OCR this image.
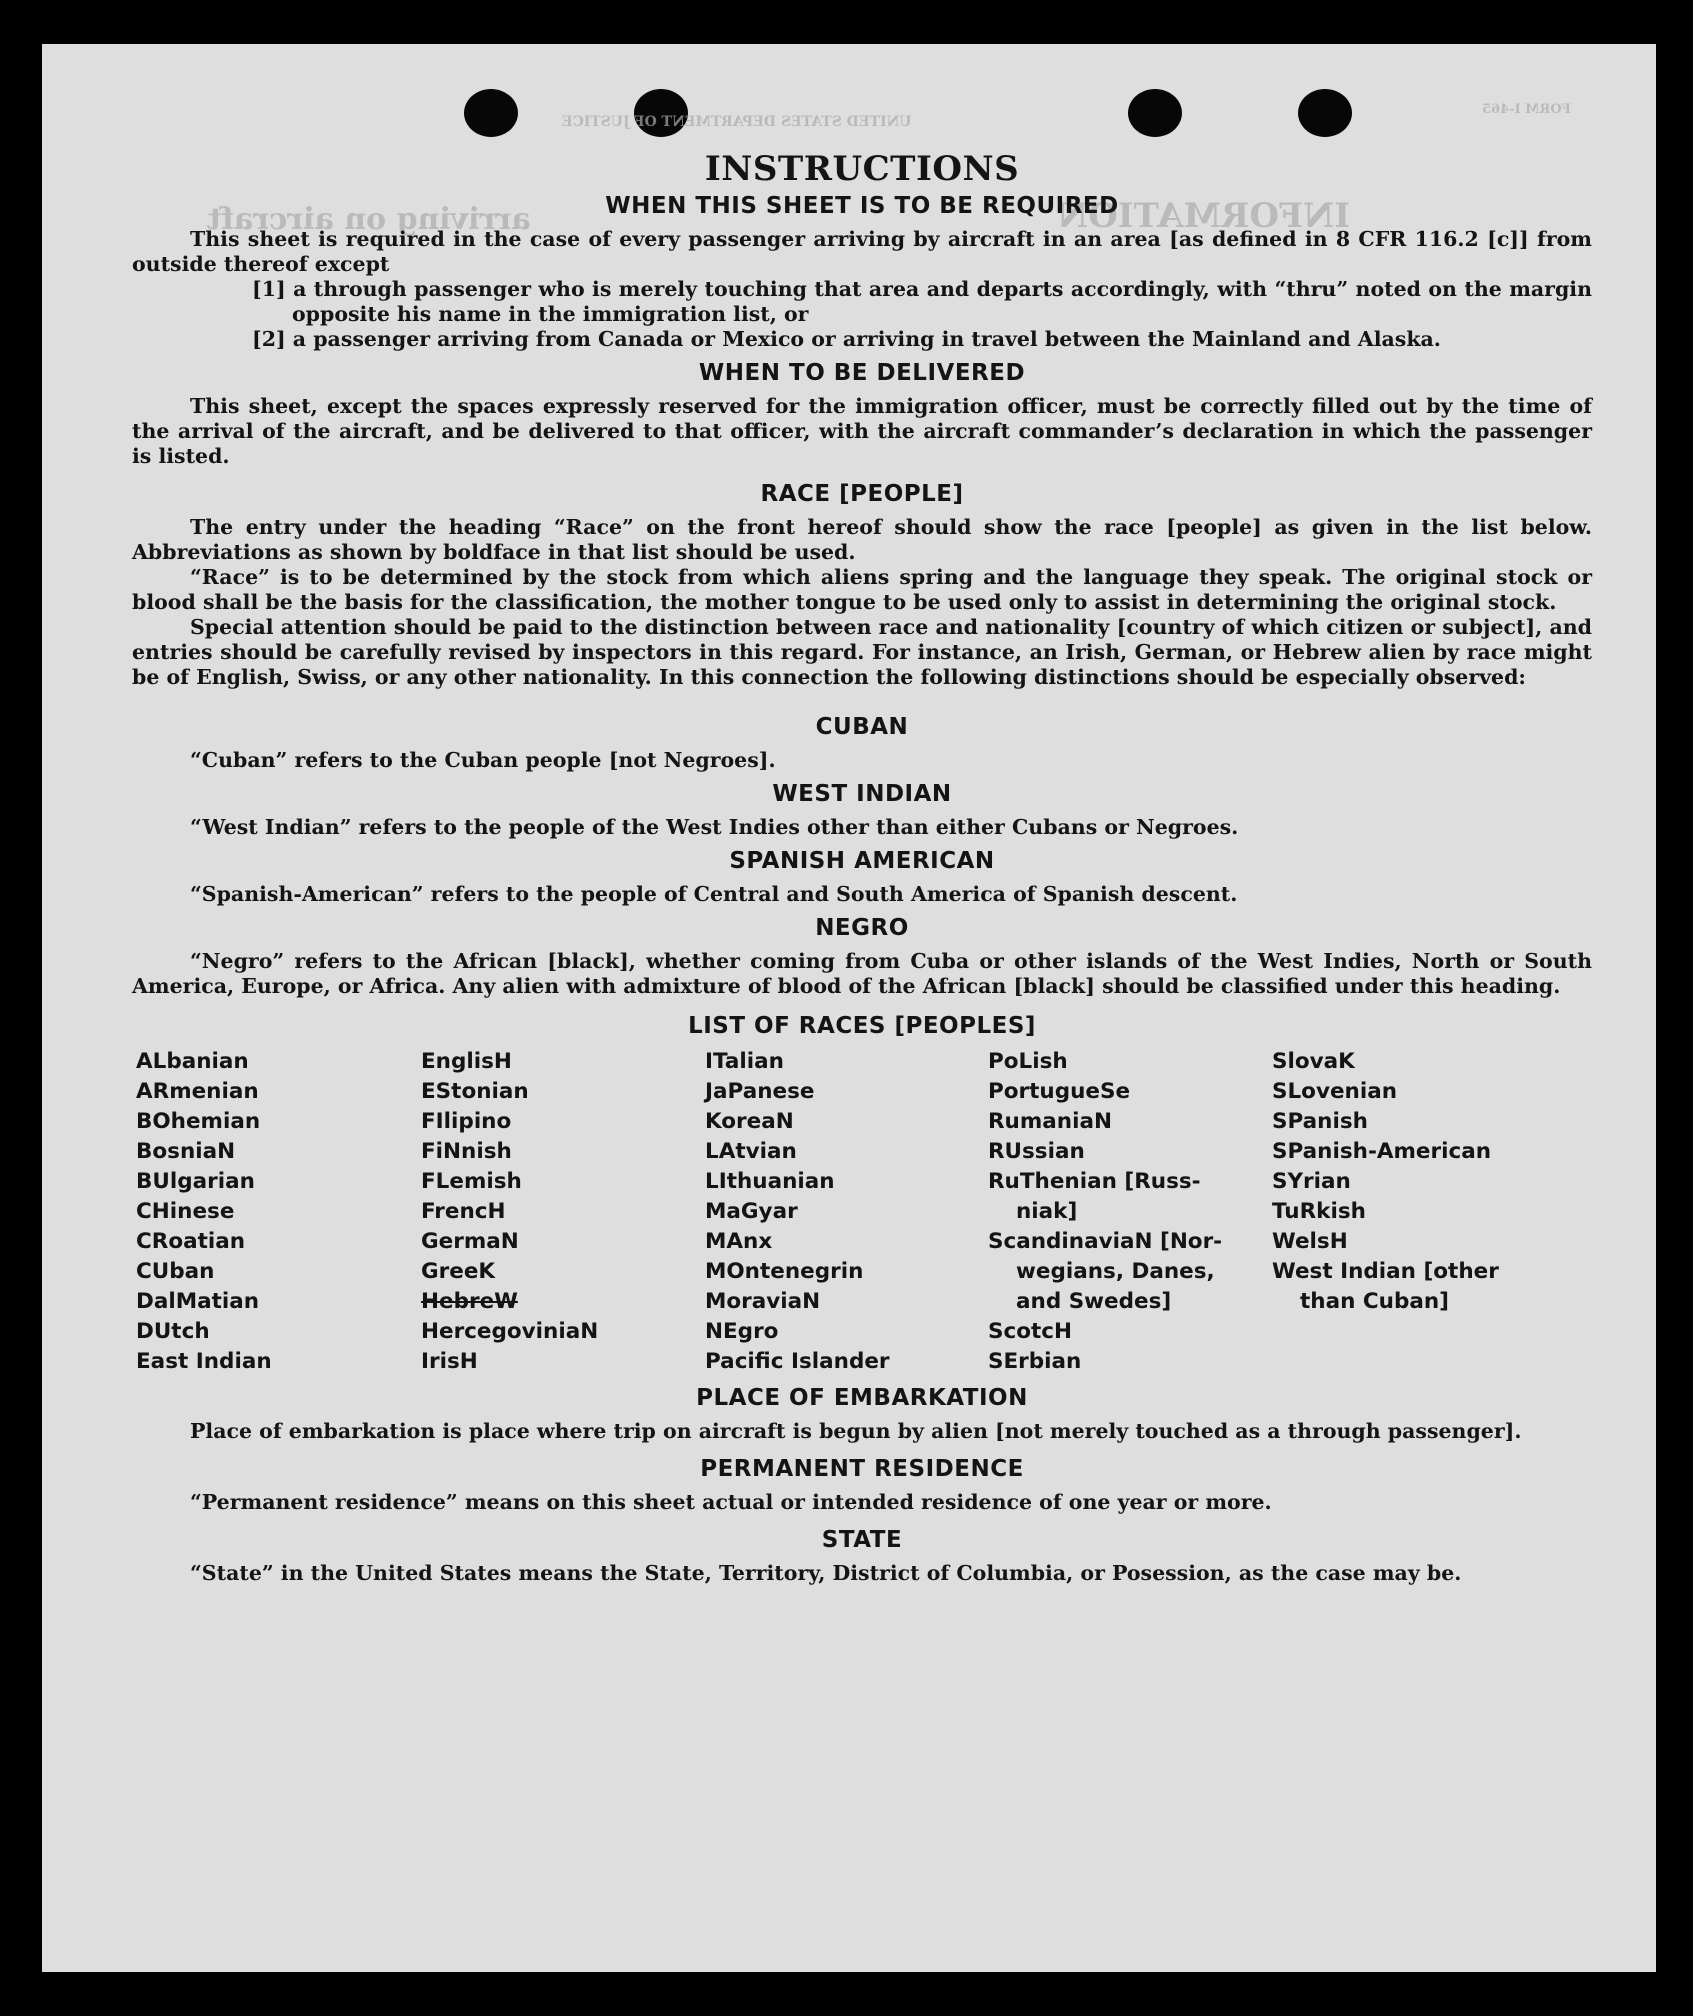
UNITED STATES DEPARTMENT OF JUSTICE
FORM I-465
INFORMATION
arriving on aircraft
INSTRUCTIONS
WHEN THIS SHEET IS TO BE REQUIRED

This sheet is required in the case of every passenger arriving by aircraft in an area [as defined in 8 CFR 116.2 [c]] from outside thereof except

[1] a through passenger who is merely touching that area and departs accordingly, with “thru” noted on the margin opposite his name in the immigration list, or

[2] a passenger arriving from Canada or Mexico or arriving in travel between the Mainland and Alaska.

WHEN TO BE DELIVERED

This sheet, except the spaces expressly reserved for the immigration officer, must be correctly filled out by the time of the arrival of the aircraft, and be delivered to that officer, with the aircraft commander’s declaration in which the passenger is listed.

RACE [PEOPLE]

The entry under the heading “Race” on the front hereof should show the race [people] as given in the list below. Abbreviations as shown by boldface in that list should be used.

“Race” is to be determined by the stock from which aliens spring and the language they speak. The original stock or blood shall be the basis for the classification, the mother tongue to be used only to assist in determining the original stock.

Special attention should be paid to the distinction between race and nationality [country of which citizen or subject], and entries should be carefully revised by inspectors in this regard. For instance, an Irish, German, or Hebrew alien by race might be of English, Swiss, or any other nationality. In this connection the following distinctions should be especially observed:

CUBAN

“Cuban” refers to the Cuban people [not Negroes].

WEST INDIAN

“West Indian” refers to the people of the West Indies other than either Cubans or Negroes.

SPANISH AMERICAN

“Spanish-American” refers to the people of Central and South America of Spanish descent.

NEGRO

“Negro” refers to the African [black], whether coming from Cuba or other islands of the West Indies, North or South America, Europe, or Africa. Any alien with admixture of blood of the African [black] should be classified under this heading.

LIST OF RACES [PEOPLES]
ALbanian
ARmenian
BOhemian
BosniaN
BUlgarian
CHinese
CRoatian
CUban
DalMatian
DUtch
East Indian
EnglisH
EStonian
FIlipino
FiNnish
FLemish
FrencH
GermaN
GreeK
HebreW
HercegoviniaN
IrisH
ITalian
JaPanese
KoreaN
LAtvian
LIthuanian
MaGyar
MAnx
MOntenegrin
MoraviaN
NEgro
Pacific Islander
PoLish
PortugueSe
RumaniaN
RUssian
RuThenian [Russ-
niak]
ScandinaviaN [Nor-
wegians, Danes,
and Swedes]
ScotcH
SErbian
SlovaK
SLovenian
SPanish
SPanish-American
SYrian
TuRkish
WelsH
West Indian [other
than Cuban]
PLACE OF EMBARKATION

Place of embarkation is place where trip on aircraft is begun by alien [not merely touched as a through passenger].

PERMANENT RESIDENCE

“Permanent residence” means on this sheet actual or intended residence of one year or more.

STATE

“State” in the United States means the State, Territory, District of Columbia, or Posession, as the case may be.
